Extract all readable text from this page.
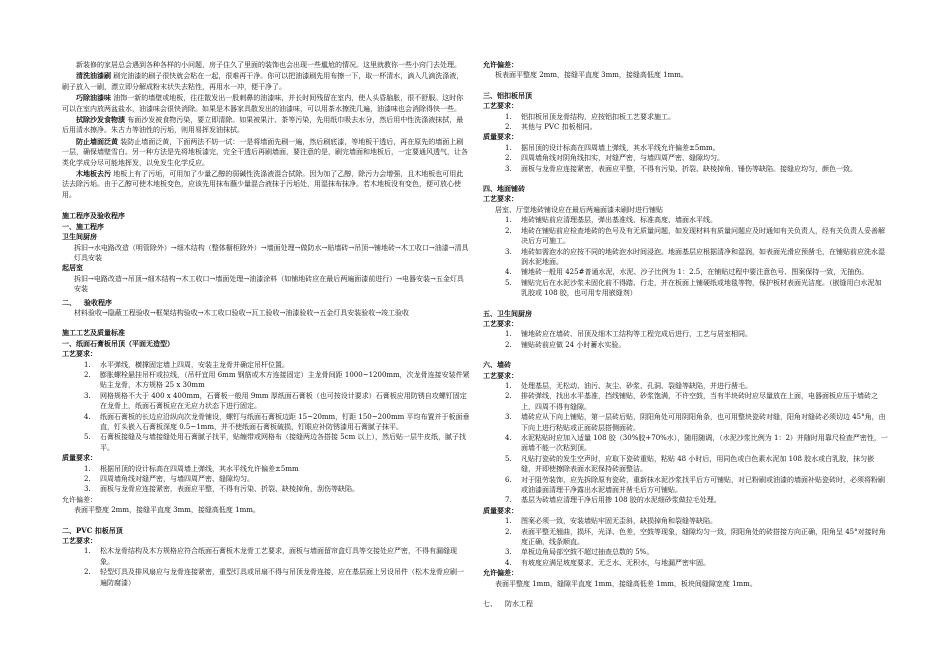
新装修的家居总会遇到各种各样的小问题，房子住久了里面的装饰也会出现一些尴尬的情况。这里就教你一些小窍门去处理。

清洗油漆刷 刷完油漆的刷子很快就会粘在一起，很难再干净。你可以把油漆刷先用布擦一下，取一杯清水，滴入几滴洗涤液，刷子放入一刷，漂立即分解成粉末状失去粘性，再用水一冲，便干净了。

巧除油漆味 油饰一新的墙壁或地板，往往散发出一股刺鼻的油漆味，并长时间残留在室内，使人头昏脑胀，很不舒服。这时你可以在室内放两盆盐水，油漆味会很快消除。如果是木器家具散发出的油漆味，可以用茶水擦洗几遍，油漆味也会消除得快一些。

拭除沙发食物渍 布面沙发被食物污染，要立即清除。如果被果汁、茶等污染，先用纸巾吸去水分，然后用中性洗涤液抹拭，最后用清水擦净。朱古力等油性的污垢，则用易挥发油抹拭。

防止墙面泛黄 装防止墙面泛黄，下面两法不妨一试：一是将墙面先刷一遍，然后刷底漆，等地板干透后，再在原先的墙面上刷一层，确保墙壁雪白。另一种方法是先将地板漆完，完全干透后再刷墙面，要注意的是，刷完墙面和地板后，一定要通风透气，让各类化学成分尽可能地挥发，以免发生化学反应。

木地板去污 地板上有了污垢，可用加了少量乙醇的弱碱性洗涤液混合拭除。因为加了乙醇，除污力会增强，且木地板也可用此法去除污垢。由于乙醇可使木地板变色，应该先用抹布蘸少量混合液抹于污垢处，用湿抹布抹净。若木地板没有变色，便可放心使用。

施工程序及验收程序

一、施工程序

卫生间厨房

拆旧→水电路改造（明管除外）→细木结构（整体橱柜除外）→墙面处理→做防水→贴墙砖→吊顶→铺地砖→木工收口→油漆→清具灯具安装

起居室

拆旧→电路改造→吊顶→细木结构→木工收口→墙面处理→油漆涂料（如铺地砖应在最后两遍面漆前进行）→电器安装→五金灯具安装

二、 验收程序

材料验收→隐蔽工程验收→框架结构验收→木工收口验收→瓦工验收→油漆验收→五金灯具安装验收→竣工验收

施工工艺及质量标准

一、纸面石膏板吊顶（平面无造型）

工艺要求：

1. 水平弹线，横撑固定墙上四周，安装主龙骨并确定吊杆位置。

2. 膨胀螺栓悬挂吊杆或拉线，（吊杆宜用 6mm 钢筋或木方连接固定）主龙骨间距 1000~1200mm，次龙骨连接安装件紧贴主龙骨，木方规格 25 x 30mm

3. 网格规格不大于 400 x 400mm，石膏板一般用 9mm 厚纸面石膏板（也可按设计要求）石膏板应用防锈自攻螺钉固定在龙骨上，纸面石膏板应在无应力状态下进行固定。

4. 纸面石膏板的长边应沿纵向次龙骨铺设，螺钉与纸面石膏板边距 15~20mm，钉距 150~200mm 平均布置并于板面垂直，钉头嵌入石膏板深度 0.5~1mm，并不使纸面石膏板破损，钉眼应补防锈漆用石膏腻子抹平。

5. 石膏板接缝及与墙接缝处用石膏腻子找平，贴缠带或网格布（接缝两边各搭接 5cm 以上），然后贴一层牛皮纸，腻子找平。

质量要求：

1. 根据吊顶的设计标高在四周墙上弹线，其水平线允许偏差±5mm

2. 四周墙角线对缝严密，与墙四周严密、缝隙均匀。

3. 面板与龙骨应连接紧密，表面应平整，不得有污染、折裂、缺棱掉角，刮伤等缺陷。

允许偏差：

表面平整度 2mm，接缝平直度 3mm，接缝高低度 1mm。

二、PVC 扣板吊顶

工艺要求：

1. 松木龙骨结构及木方规格应符合纸面石膏板木龙骨工艺要求，面板与墙面留帘盒灯具等交接处应严密，不得有漏缝现象。

2. 轻型灯具及排风扇应与龙骨连接紧密，重型灯具或吊扇不得与吊顶龙骨连接，应在基层面上另设吊件（松木龙骨应刷一遍防腐漆）

允许偏差：

板表面平整度 2mm，接缝平直度 3mm，接缝高低度 1mm。

三、铝扣板吊顶

工艺要求：

1. 铝扣板吊顶龙骨结构，应按铝扣板工艺要求施工。

2. 其他与 PVC 扣板相同。

质量要求：

1. 据吊顶的设计标高在四周墙上弹线，其水平线允许偏差±5mm。

2. 四周墙角线对阴角线扣实，对缝严密，与墙四周严密、缝隙均匀。

3. 面板与龙骨应连接紧密，表面应平整，不得有污染、折裂、缺棱掉角，锤伤等缺陷。接缝应均匀，颜色一致。

四、地面铺砖

工艺要求：

居室、厅堂地砖铺设应在最后两遍面漆未刷时进行铺贴

1. 地砖铺贴前应清理基层，弹出基准线、标准高度、墙面水平线。

2. 地砖在铺贴前应检查地砖的色号及有无质量问题，如发现材料有质量问题应及时通知有关负责人，经有关负责人妥善解决后方可施工。

3. 地砖如需泡水的应按不同的地砖泡水时间浸泡。地面基层应根据清净和湿润，如表面光滑应预凿毛，在铺贴前应洗水湿润水泥地面。

4. 铺地砖一般用 425#普通水泥，水泥、沙子比例为 1：2.5，在铺贴过程中要注意色号、图案保持一致，无抽伤。

5. 铺贴完后在水泥沙浆未固化前不得踏、行走，并在板面上铺硬纸或地毯等物，保护板材表面光洁度。（嵌缝用白水泥加乳胶或 108 胶，也可用专用嵌缝剂）

五、卫生间厨房

工艺要求：

1. 铺地砖应在墙砖、吊顶及细木工结构等工程完成后进行，工艺与居室相同。

2. 铺贴砖前应做 24 小时蓄水实验。

六、墙砖

工艺要求：

1. 处理基层，无松动、油污、灰尘、砂浆、孔洞、裂缝等缺陷，并进行凿毛。

2. 排砖弹线，找出水平基准，挡线铺贴，砂浆饱满，不许空鼓，当有半块砖时应尽量放在上面，电器面板应压于墙砖之上，四周不得有缝隙。

3. 墙砖应从下向上铺贴，第一层砖后贴，阴阳角处可用阴阳角条，也可用整块瓷砖对缝，阳角对缝砖必须切边 45°角，由下向上进行粘贴或正面砖层搭侧面砖。

4. 水泥粘贴时应加入适量 108 胶（30%胶+70%水），随用随调，（水泥沙浆比例为 1：2）并随时用靠尺检查严密性，一面墙不能一次粘到顶。

5. 凡贴打瓷砖的发生空声时，应取下瓷砖重贴，粘贴 48 小时后，用同色或白色素水泥加 108 胶水或白乳胶，抹匀嵌缝，并即使擦除表面水泥保持砖面整洁。

6. 对于阻劳装饰，应先拆除原有瓷砖，重新抹水泥沙浆找平后方可铺贴，对已粉刷或油漆的墙面补贴瓷砖时，必须将粉刷或油漆面清理干净露出水泥墙面并凿毛后方可铺贴。

7. 基层为砖墙应清理干净后用掺 108 胶的水泥细砂浆做拉毛处理。

质量要求：

1. 图案必须一致，安装墙贴牢固无歪斜，缺损掉角和裂缝等缺陷。

2. 表面平整无翘曲，损坏，光泽、色差，空鼓等现象，缝隙均匀一致，阴阳角处的砖搭接方向正确，阳角呈 45°对接时角度正确，线条顺直。

3. 单板边角局部空鼓不超过抽查总数的 5%。

4. 有坡度应满足坡度要求，无乏水、无积水，与地漏严密牢固。

允许偏差：

表面平整度 1mm，缝隙平直度 1mm，接缝高低差 1mm，板块间缝隙宽度 1mm。

七、 防水工程
